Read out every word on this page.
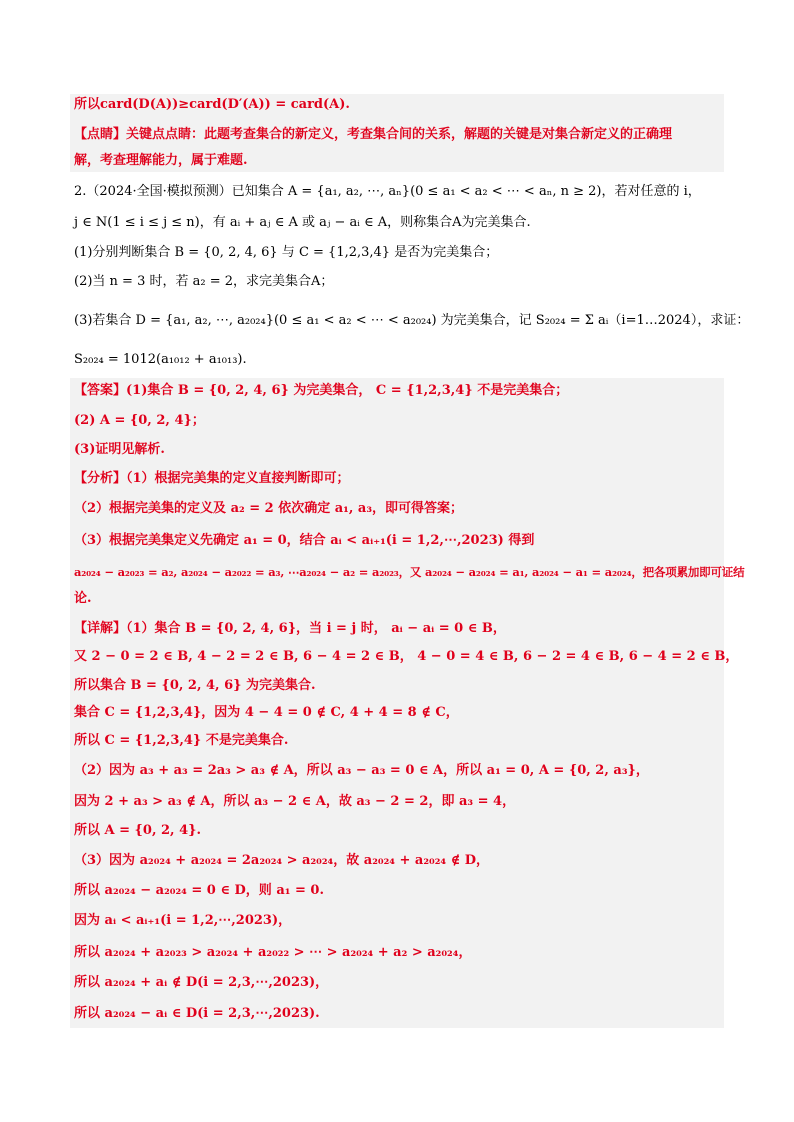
所以card(D(A))≥card(D′(A)) = card(A).
【点睛】关键点点睛：此题考查集合的新定义，考查集合间的关系，解题的关键是对集合新定义的正确理
解，考查理解能力，属于难题.
2.（2024·全国·模拟预测）已知集合 A = {a₁, a₂, ⋯, aₙ}(0 ≤ a₁ < a₂ < ⋯ < aₙ, n ≥ 2)，若对任意的 i，
j ∈ N(1 ≤ i ≤ j ≤ n)，有 aᵢ + aⱼ ∈ A 或 aⱼ − aᵢ ∈ A，则称集合A为完美集合.
(1)分别判断集合 B = {0, 2, 4, 6} 与 C = {1,2,3,4} 是否为完美集合；
(2)当 n = 3 时，若 a₂ = 2，求完美集合A；
(3)若集合 D = {a₁, a₂, ⋯, a₂₀₂₄}(0 ≤ a₁ < a₂ < ⋯ < a₂₀₂₄) 为完美集合，记 S₂₀₂₄ = Σ aᵢ（i=1…2024），求证：
S₂₀₂₄ = 1012(a₁₀₁₂ + a₁₀₁₃).
【答案】(1)集合 B = {0, 2, 4, 6} 为完美集合， C = {1,2,3,4} 不是完美集合；
(2) A = {0, 2, 4}；
(3)证明见解析.
【分析】（1）根据完美集的定义直接判断即可；
（2）根据完美集的定义及 a₂ = 2 依次确定 a₁, a₃，即可得答案；
（3）根据完美集定义先确定 a₁ = 0，结合 aᵢ < aᵢ₊₁(i = 1,2,⋯,2023) 得到
a₂₀₂₄ − a₂₀₂₃ = a₂, a₂₀₂₄ − a₂₀₂₂ = a₃, ⋯a₂₀₂₄ − a₂ = a₂₀₂₃，又 a₂₀₂₄ − a₂₀₂₄ = a₁, a₂₀₂₄ − a₁ = a₂₀₂₄，把各项累加即可证结
论.
【详解】（1）集合 B = {0, 2, 4, 6}，当 i = j 时， aᵢ − aᵢ = 0 ∈ B，
又 2 − 0 = 2 ∈ B, 4 − 2 = 2 ∈ B, 6 − 4 = 2 ∈ B， 4 − 0 = 4 ∈ B, 6 − 2 = 4 ∈ B, 6 − 4 = 2 ∈ B，
所以集合 B = {0, 2, 4, 6} 为完美集合.
集合 C = {1,2,3,4}，因为 4 − 4 = 0 ∉ C, 4 + 4 = 8 ∉ C，
所以 C = {1,2,3,4} 不是完美集合.
（2）因为 a₃ + a₃ = 2a₃ > a₃ ∉ A，所以 a₃ − a₃ = 0 ∈ A，所以 a₁ = 0, A = {0, 2, a₃}，
因为 2 + a₃ > a₃ ∉ A，所以 a₃ − 2 ∈ A，故 a₃ − 2 = 2，即 a₃ = 4，
所以 A = {0, 2, 4}.
（3）因为 a₂₀₂₄ + a₂₀₂₄ = 2a₂₀₂₄ > a₂₀₂₄，故 a₂₀₂₄ + a₂₀₂₄ ∉ D，
所以 a₂₀₂₄ − a₂₀₂₄ = 0 ∈ D，则 a₁ = 0.
因为 aᵢ < aᵢ₊₁(i = 1,2,⋯,2023)，
所以 a₂₀₂₄ + a₂₀₂₃ > a₂₀₂₄ + a₂₀₂₂ > ⋯ > a₂₀₂₄ + a₂ > a₂₀₂₄，
所以 a₂₀₂₄ + aᵢ ∉ D(i = 2,3,⋯,2023)，
所以 a₂₀₂₄ − aᵢ ∈ D(i = 2,3,⋯,2023).
